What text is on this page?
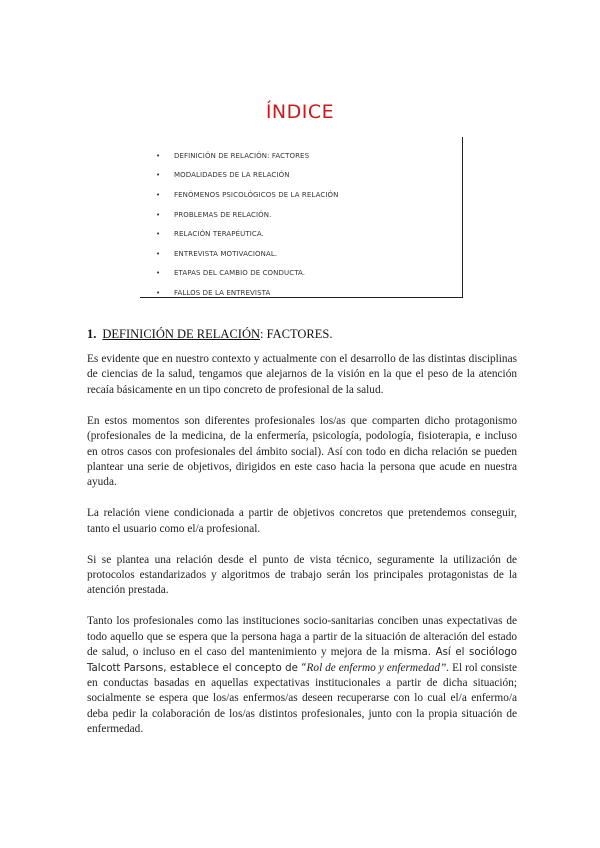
ÍNDICE
•	DEFINICIÓN DE RELACIÓN: FACTORES
•	MODALIDADES DE LA RELACIÓN
•	FENÓMENOS PSICOLÓGICOS DE LA RELACIÓN
•	PROBLEMAS DE RELACIÓN.
•	RELACIÓN TERAPÉUTICA.
•	ENTREVISTA MOTIVACIONAL.
•	ETAPAS DEL CAMBIO DE CONDUCTA.
•	FALLOS DE LA ENTREVISTA
1. DEFINICIÓN DE RELACIÓN: FACTORES.

Es evidente que en nuestro contexto y actualmente con el desarrollo de las distintas disciplinas de ciencias de la salud, tengamos que alejarnos de la visión en la que el peso de la atención recaía básicamente en un tipo concreto de profesional de la salud.

En estos momentos son diferentes profesionales los/as que comparten dicho protagonismo (profesionales de la medicina, de la enfermería, psicología, podología, fisioterapia, e incluso en otros casos con profesionales del ámbito social). Así con todo en dicha relación se pueden plantear una serie de objetivos, dirigidos en este caso hacia la persona que acude en nuestra ayuda.

La relación viene condicionada a partir de objetivos concretos que pretendemos conseguir, tanto el usuario como el/a profesional.

Si se plantea una relación desde el punto de vista técnico, seguramente la utilización de protocolos estandarizados y algoritmos de trabajo serán los principales protagonistas de la atención prestada.

Tanto los profesionales como las instituciones socio-sanitarias conciben unas expectativas de todo aquello que se espera que la persona haga a partir de la situación de alteración del estado de salud, o incluso en el caso del mantenimiento y mejora de la misma. Así el sociólogo Talcott Parsons, establece el concepto de “Rol de enfermo y enfermedad”. El rol consiste en conductas basadas en aquellas expectativas institucionales a partir de dicha situación; socialmente se espera que los/as enfermos/as deseen recuperarse con lo cual el/a enfermo/a deba pedir la colaboración de los/as distintos profesionales, junto con la propia situación de enfermedad.
